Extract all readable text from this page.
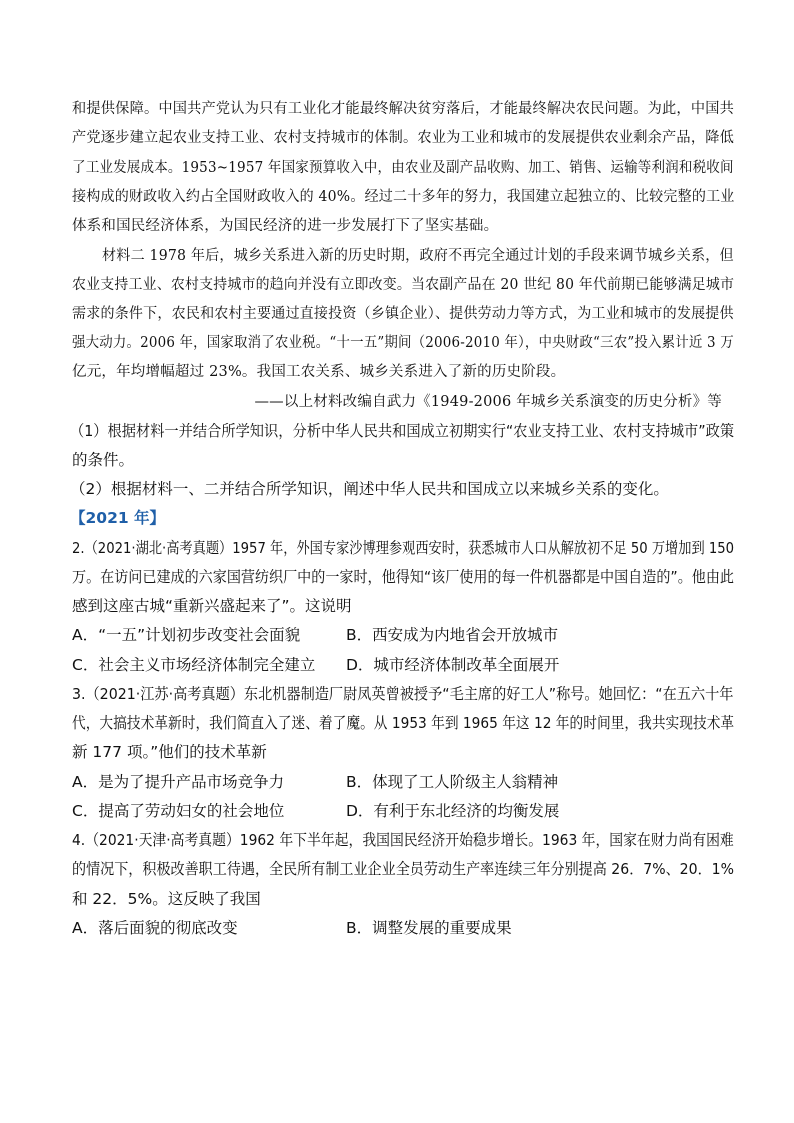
和提供保障。中国共产党认为只有工业化才能最终解决贫穷落后，才能最终解决农民问题。为此，中国共
产党逐步建立起农业支持工业、农村支持城市的体制。农业为工业和城市的发展提供农业剩余产品，降低
了工业发展成本。1953~1957 年国家预算收入中，由农业及副产品收购、加工、销售、运输等利润和税收间
接构成的财政收入约占全国财政收入的 40%。经过二十多年的努力，我国建立起独立的、比较完整的工业
体系和国民经济体系，为国民经济的进一步发展打下了坚实基础。
材料二 1978 年后，城乡关系进入新的历史时期，政府不再完全通过计划的手段来调节城乡关系，但
农业支持工业、农村支持城市的趋向并没有立即改变。当农副产品在 20 世纪 80 年代前期已能够满足城市
需求的条件下，农民和农村主要通过直接投资（乡镇企业）、提供劳动力等方式，为工业和城市的发展提供
强大动力。2006 年，国家取消了农业税。“十一五”期间（2006-2010 年），中央财政“三农”投入累计近 3 万
亿元，年均增幅超过 23%。我国工农关系、城乡关系进入了新的历史阶段。
——以上材料改编自武力《1949-2006 年城乡关系演变的历史分析》等
（1）根据材料一并结合所学知识，分析中华人民共和国成立初期实行“农业支持工业、农村支持城市”政策
的条件。
（2）根据材料一、二并结合所学知识，阐述中华人民共和国成立以来城乡关系的变化。
【2021 年】
2.（2021·湖北·高考真题）1957 年，外国专家沙博理参观西安时，获悉城市人口从解放初不足 50 万增加到 150
万。在访问已建成的六家国营纺织厂中的一家时，他得知“该厂使用的每一件机器都是中国自造的”。他由此
感到这座古城“重新兴盛起来了”。这说明
A．“一五”计划初步改变社会面貌	B．西安成为内地省会开放城市
C．社会主义市场经济体制完全建立 D．城市经济体制改革全面展开
3.（2021·江苏·高考真题）东北机器制造厂尉凤英曾被授予“毛主席的好工人”称号。她回忆：“在五六十年
代，大搞技术革新时，我们简直入了迷、着了魔。从 1953 年到 1965 年这 12 年的时间里，我共实现技术革
新 177 项。”他们的技术革新
A．是为了提升产品市场竞争力	B．体现了工人阶级主人翁精神
C．提高了劳动妇女的社会地位	D．有利于东北经济的均衡发展
4.（2021·天津·高考真题）1962 年下半年起，我国国民经济开始稳步增长。1963 年，国家在财力尚有困难
的情况下，积极改善职工待遇，全民所有制工业企业全员劳动生产率连续三年分别提高 26．7%、20．1%
和 22．5%。这反映了我国
A．落后面貌的彻底改变	B．调整发展的重要成果
